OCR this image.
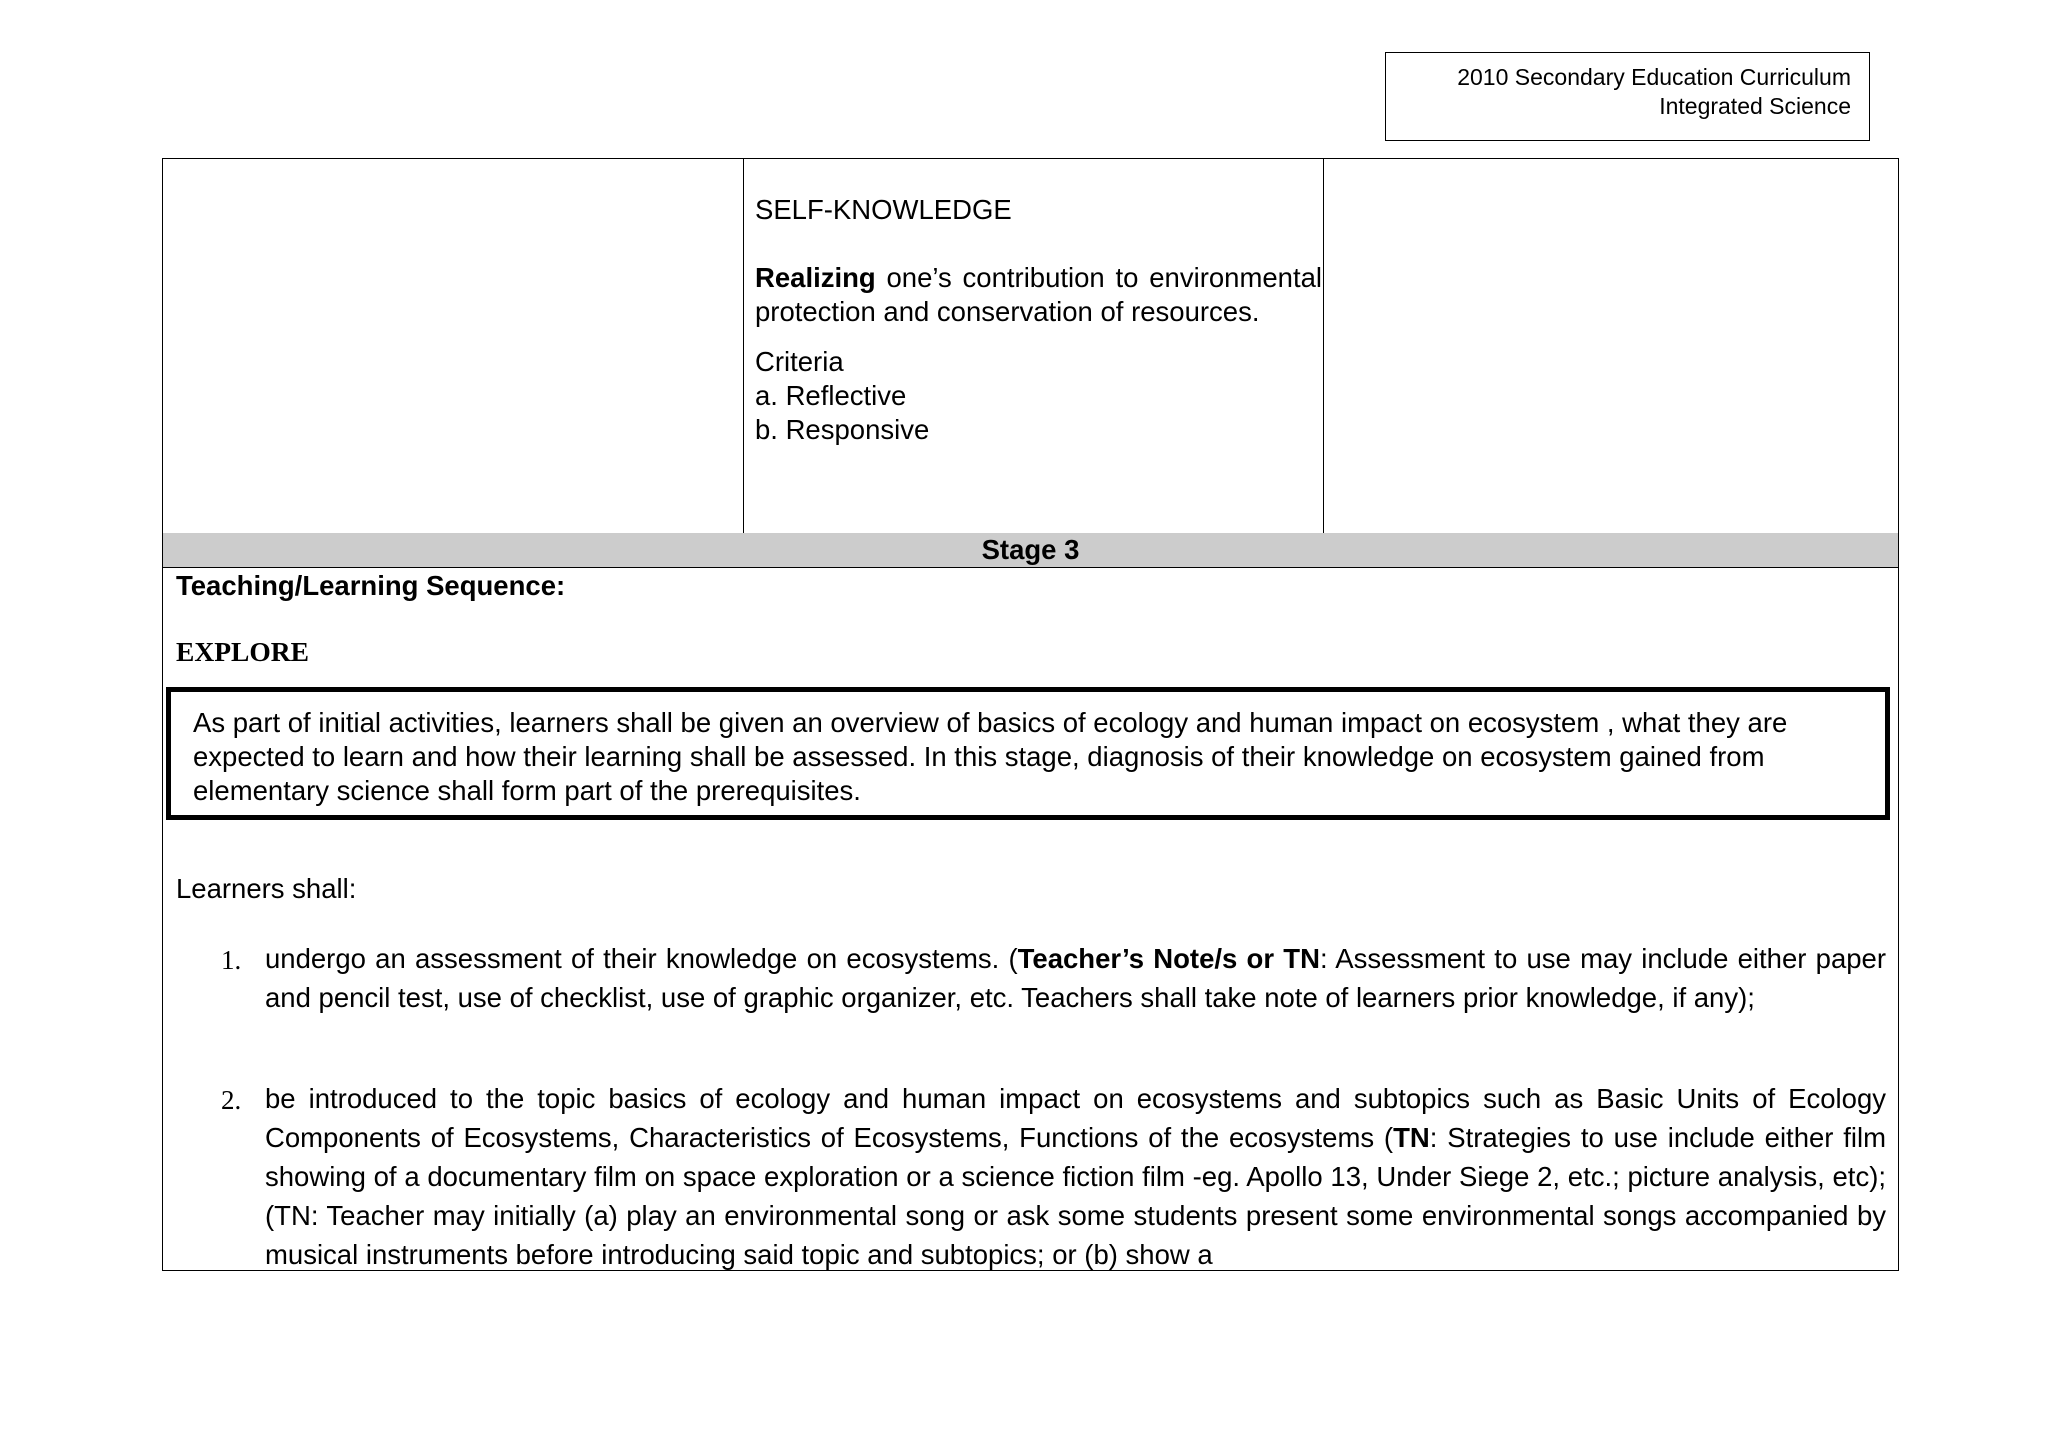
2010 Secondary Education Curriculum
Integrated Science
SELF-KNOWLEDGE
Realizing one’s contribution to environmental protection and conservation of resources.
Criteria
a. Reflective
b. Responsive
Stage 3
Teaching/Learning Sequence:
EXPLORE
As part of initial activities, learners shall be given an overview of basics of ecology and human impact on ecosystem , what they are expected to learn and how their learning shall be assessed. In this stage, diagnosis of their knowledge on ecosystem gained from elementary science shall form part of the prerequisites.
Learners shall:
1. undergo an assessment of their knowledge on ecosystems. (Teacher’s Note/s or TN: Assessment to use may include either paper and pencil test, use of checklist, use of graphic organizer, etc. Teachers shall take note of learners prior knowledge, if any);
2. be introduced to the topic basics of ecology and human impact on ecosystems and subtopics such as Basic Units of Ecology Components of Ecosystems, Characteristics of Ecosystems, Functions of the ecosystems (TN: Strategies to use include either film showing of a documentary film on space exploration or a science fiction film -eg. Apollo 13, Under Siege 2, etc.; picture analysis, etc); (TN: Teacher may initially (a) play an environmental song or ask some students present some environmental songs accompanied by musical instruments before introducing said topic and subtopics; or (b) show a
